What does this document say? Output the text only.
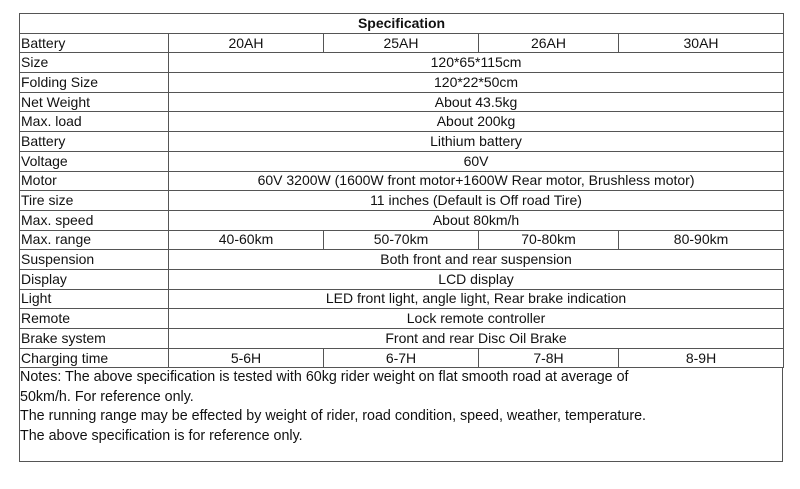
Specification				
Battery	20AH	25AH	26AH	30AH
Size	120*65*115cm			
Folding Size	120*22*50cm			
Net Weight	About 43.5kg			
Max. load	About 200kg			
Battery	Lithium battery			
Voltage	60V			
Motor	60V 3200W (1600W front motor+1600W Rear motor, Brushless motor)			
Tire size	11 inches (Default is Off road Tire)			
Max. speed	About 80km/h			
Max. range	40-60km	50-70km	70-80km	80-90km
Suspension	Both front and rear suspension			
Display	LCD display			
Light	LED front light, angle light, Rear brake indication			
Remote	Lock remote controller			
Brake system	Front and rear Disc Oil Brake			
Charging time	5-6H	6-7H	7-8H	8-9H
Notes: The above specification is tested with 60kg rider weight on flat smooth road at average of
50km/h. For reference only.
The running range may be effected by weight of rider, road condition, speed, weather, temperature.
The above specification is for reference only.
